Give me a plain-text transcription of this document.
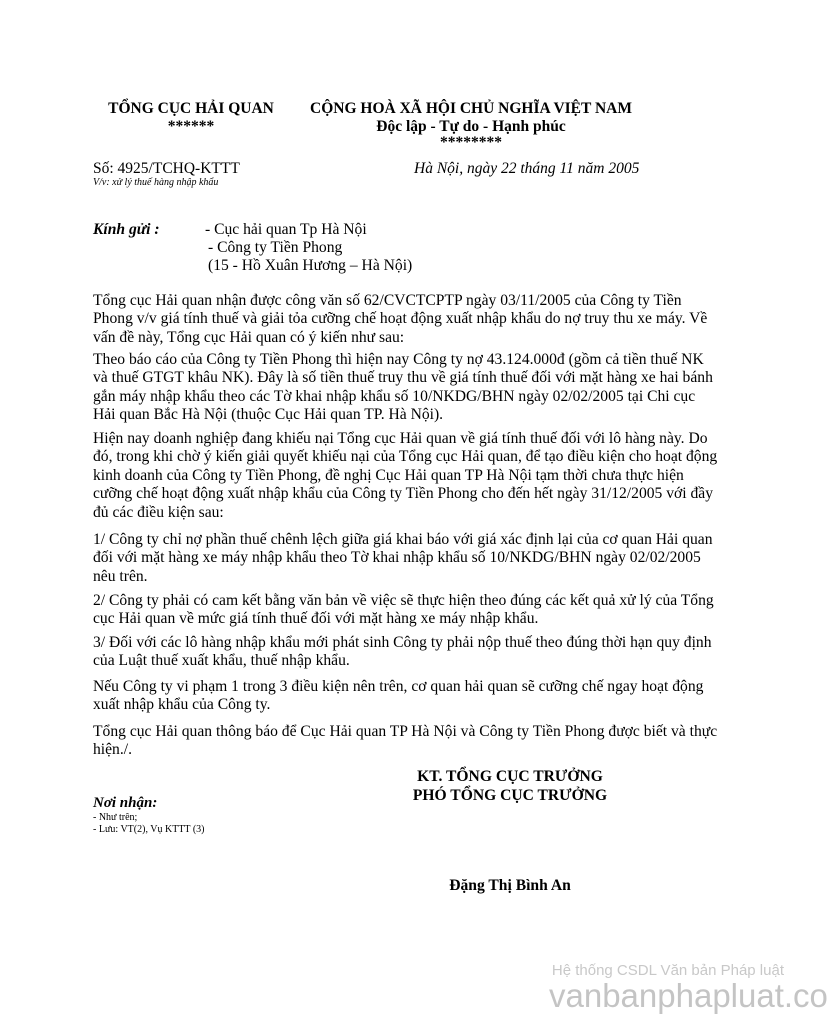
TỔNG CỤC HẢI QUAN
******
CỘNG HOÀ XÃ HỘI CHỦ NGHĨA VIỆT NAM
Độc lập - Tự do - Hạnh phúc
********
Số: 4925/TCHQ-KTTT
V/v: xử lý thuế hàng nhập khẩu
Hà Nội, ngày 22 tháng 11 năm 2005
Kính gửi :	- Cục hải quan Tp Hà Nội
- Công ty Tiền Phong
(15 - Hồ Xuân Hương – Hà Nội)

Tổng cục Hải quan nhận được công văn số 62/CVCTCPTP ngày 03/11/2005 của Công ty Tiền Phong v/v giá tính thuế và giải tỏa cưỡng chế hoạt động xuất nhập khẩu do nợ truy thu xe máy. Về vấn đề này, Tổng cục Hải quan có ý kiến như sau:

Theo báo cáo của Công ty Tiền Phong thì hiện nay Công ty nợ 43.124.000đ (gồm cả tiền thuế NK và thuế GTGT khâu NK). Đây là số tiền thuế truy thu về giá tính thuế đối với mặt hàng xe hai bánh gắn máy nhập khẩu theo các Tờ khai nhập khẩu số 10/NKDG/BHN ngày 02/02/2005 tại Chi cục Hải quan Bắc Hà Nội (thuộc Cục Hải quan TP. Hà Nội).

Hiện nay doanh nghiệp đang khiếu nại Tổng cục Hải quan về giá tính thuế đối với lô hàng này. Do đó, trong khi chờ ý kiến giải quyết khiếu nại của Tổng cục Hải quan, để tạo điều kiện cho hoạt động kinh doanh của Công ty Tiền Phong, đề nghị Cục Hải quan TP Hà Nội tạm thời chưa thực hiện cưỡng chế hoạt động xuất nhập khẩu của Công ty Tiền Phong cho đến hết ngày 31/12/2005 với đầy đủ các điều kiện sau:

1/ Công ty chỉ nợ phần thuế chênh lệch giữa giá khai báo với giá xác định lại của cơ quan Hải quan đối với mặt hàng xe máy nhập khẩu theo Tờ khai nhập khẩu số 10/NKDG/BHN ngày 02/02/2005 nêu trên.

2/ Công ty phải có cam kết bằng văn bản về việc sẽ thực hiện theo đúng các kết quả xử lý của Tổng cục Hải quan về mức giá tính thuế đối với mặt hàng xe máy nhập khẩu.

3/ Đối với các lô hàng nhập khẩu mới phát sinh Công ty phải nộp thuế theo đúng thời hạn quy định của Luật thuế xuất khẩu, thuế nhập khẩu.

Nếu Công ty vi phạm 1 trong 3 điều kiện nên trên, cơ quan hải quan sẽ cưỡng chế ngay hoạt động xuất nhập khẩu của Công ty.

Tổng cục Hải quan thông báo để Cục Hải quan TP Hà Nội và Công ty Tiền Phong được biết và thực hiện./.

KT. TỔNG CỤC TRƯỞNG
PHÓ TỔNG CỤC TRƯỞNG
Đặng Thị Bình An
Nơi nhận:
- Như trên;
- Lưu: VT(2), Vụ KTTT (3)
Hệ thống CSDL Văn bản Pháp luật
vanbanphapluat.co
